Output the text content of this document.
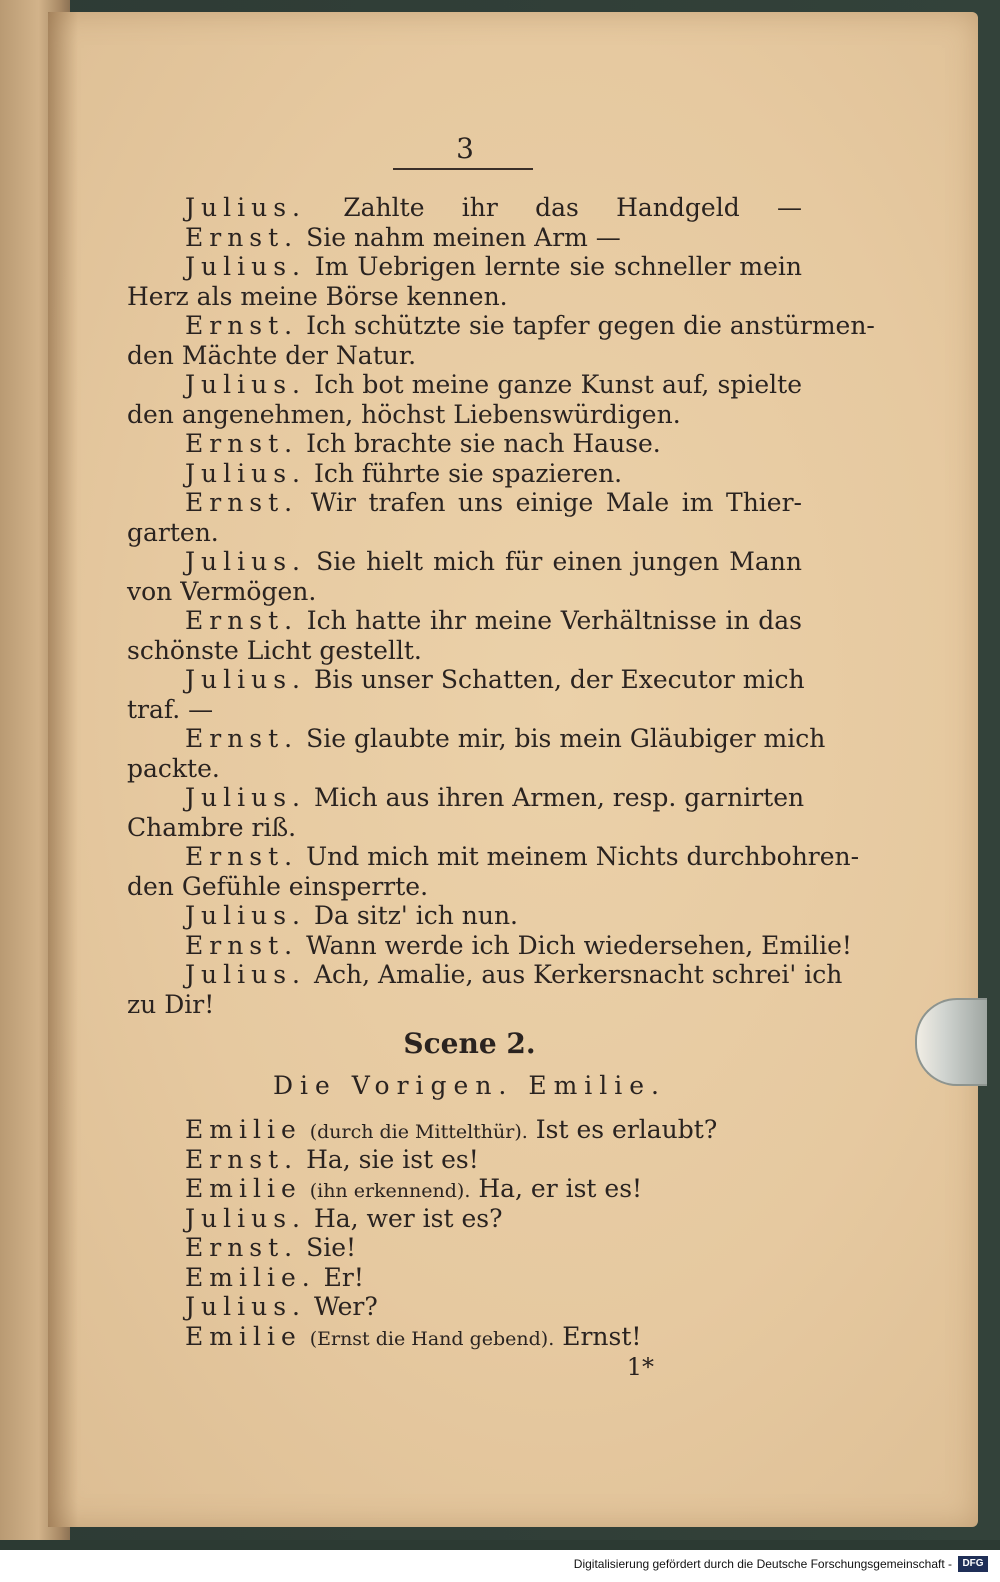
3
Julius. Zahlte ihr das Handgeld —
Ernst. Sie nahm meinen Arm —
Julius. Im Uebrigen lernte sie schneller mein
Herz als meine Börse kennen.
Ernst. Ich schützte sie tapfer gegen die anstürmen-
den Mächte der Natur.
Julius. Ich bot meine ganze Kunst auf, spielte
den angenehmen, höchst Liebenswürdigen.
Ernst. Ich brachte sie nach Hause.
Julius. Ich führte sie spazieren.
Ernst. Wir trafen uns einige Male im Thier-
garten.
Julius. Sie hielt mich für einen jungen Mann
von Vermögen.
Ernst. Ich hatte ihr meine Verhältnisse in das
schönste Licht gestellt.
Julius. Bis unser Schatten, der Executor mich
traf. —
Ernst. Sie glaubte mir, bis mein Gläubiger mich
packte.
Julius. Mich aus ihren Armen, resp. garnirten
Chambre riß.
Ernst. Und mich mit meinem Nichts durchbohren-
den Gefühle einsperrte.
Julius. Da sitz' ich nun.
Ernst. Wann werde ich Dich wiedersehen, Emilie!
Julius. Ach, Amalie, aus Kerkersnacht schrei' ich
zu Dir!
Scene 2.
Die Vorigen. Emilie.
Emilie (durch die Mittelthür). Ist es erlaubt?
Ernst. Ha, sie ist es!
Emilie (ihn erkennend). Ha, er ist es!
Julius. Ha, wer ist es?
Ernst. Sie!
Emilie. Er!
Julius. Wer?
Emilie (Ernst die Hand gebend). Ernst!
1*
Digitalisierung gefördert durch die Deutsche Forschungsgemeinschaft -	DFG
